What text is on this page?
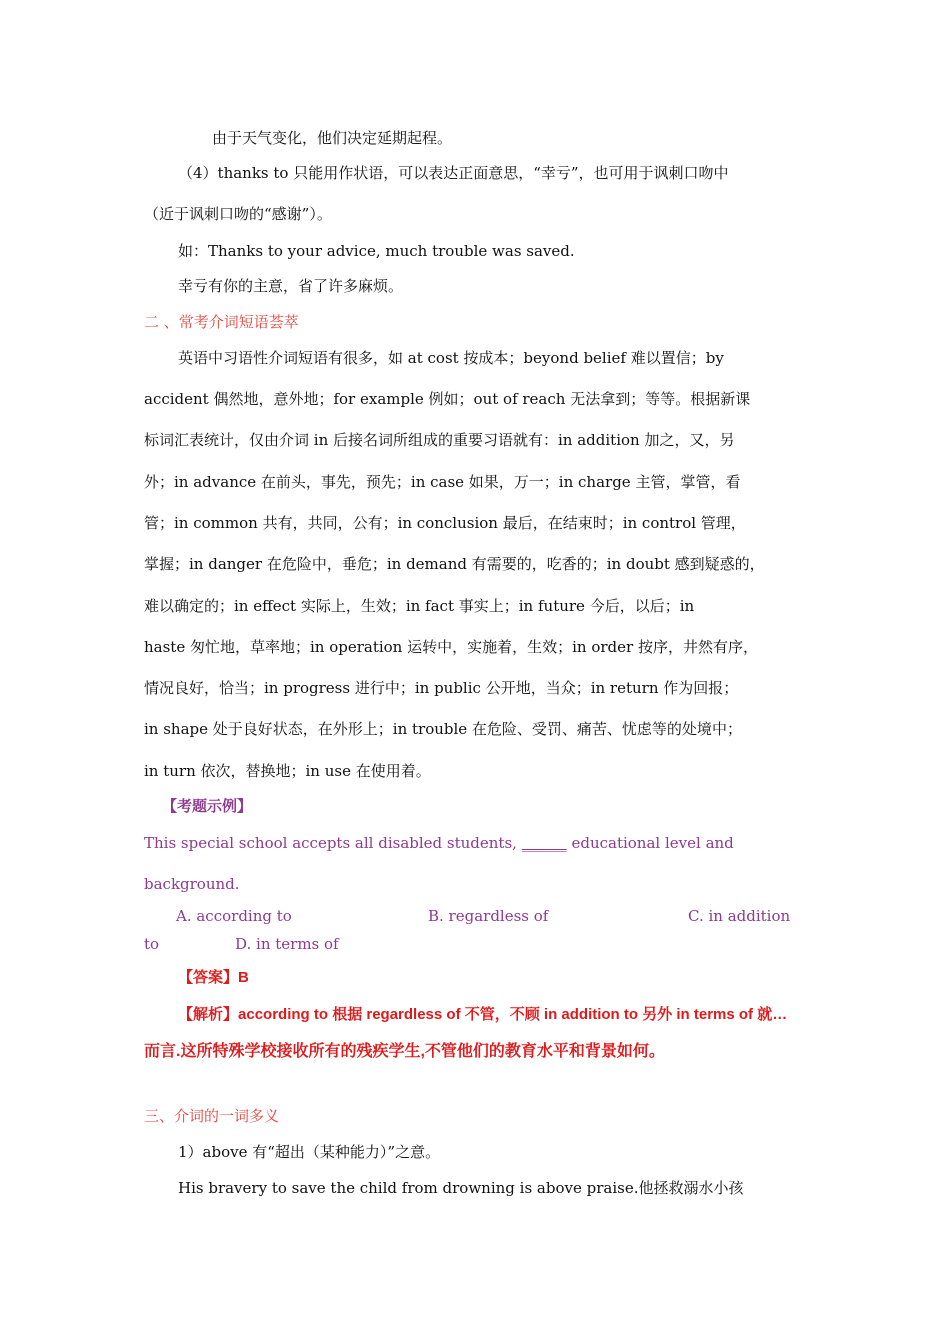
由于天气变化，他们决定延期起程。
（4）thanks to 只能用作状语，可以表达正面意思，“幸亏”，也可用于讽刺口吻中
（近于讽刺口吻的“感谢”）。
如：Thanks to your advice, much trouble was saved.
幸亏有你的主意，省了许多麻烦。
二 、常考介词短语荟萃
英语中习语性介词短语有很多，如 at cost 按成本；beyond belief 难以置信；by
accident 偶然地，意外地；for example 例如；out of reach 无法拿到；等等。根据新课
标词汇表统计，仅由介词 in 后接名词所组成的重要习语就有：in addition 加之，又，另
外；in advance 在前头，事先，预先；in case 如果，万一；in charge 主管，掌管，看
管；in common 共有，共同，公有；in conclusion 最后，在结束时；in control 管理，
掌握；in danger 在危险中，垂危；in demand 有需要的，吃香的；in doubt 感到疑惑的，
难以确定的；in effect 实际上，生效；in fact 事实上；in future 今后，以后；in
haste 匆忙地，草率地；in operation 运转中，实施着，生效；in order 按序，井然有序，
情况良好，恰当；in progress 进行中；in public 公开地，当众；in return 作为回报；
in shape 处于良好状态，在外形上；in trouble 在危险、受罚、痛苦、忧虑等的处境中；
in turn 依次，替换地；in use 在使用着。
【考题示例】
This special school accepts all disabled students, ______ educational level and
background.
A. according to	B. regardless of	C. in addition
to	D. in terms of
【答案】B
【解析】according to 根据 regardless of 不管，不顾 in addition to 另外 in terms of 就…
而言.这所特殊学校接收所有的残疾学生,不管他们的教育水平和背景如何。
三、介词的一词多义
1）above 有“超出（某种能力）”之意。
His bravery to save the child from drowning is above praise.他拯救溺水小孩
